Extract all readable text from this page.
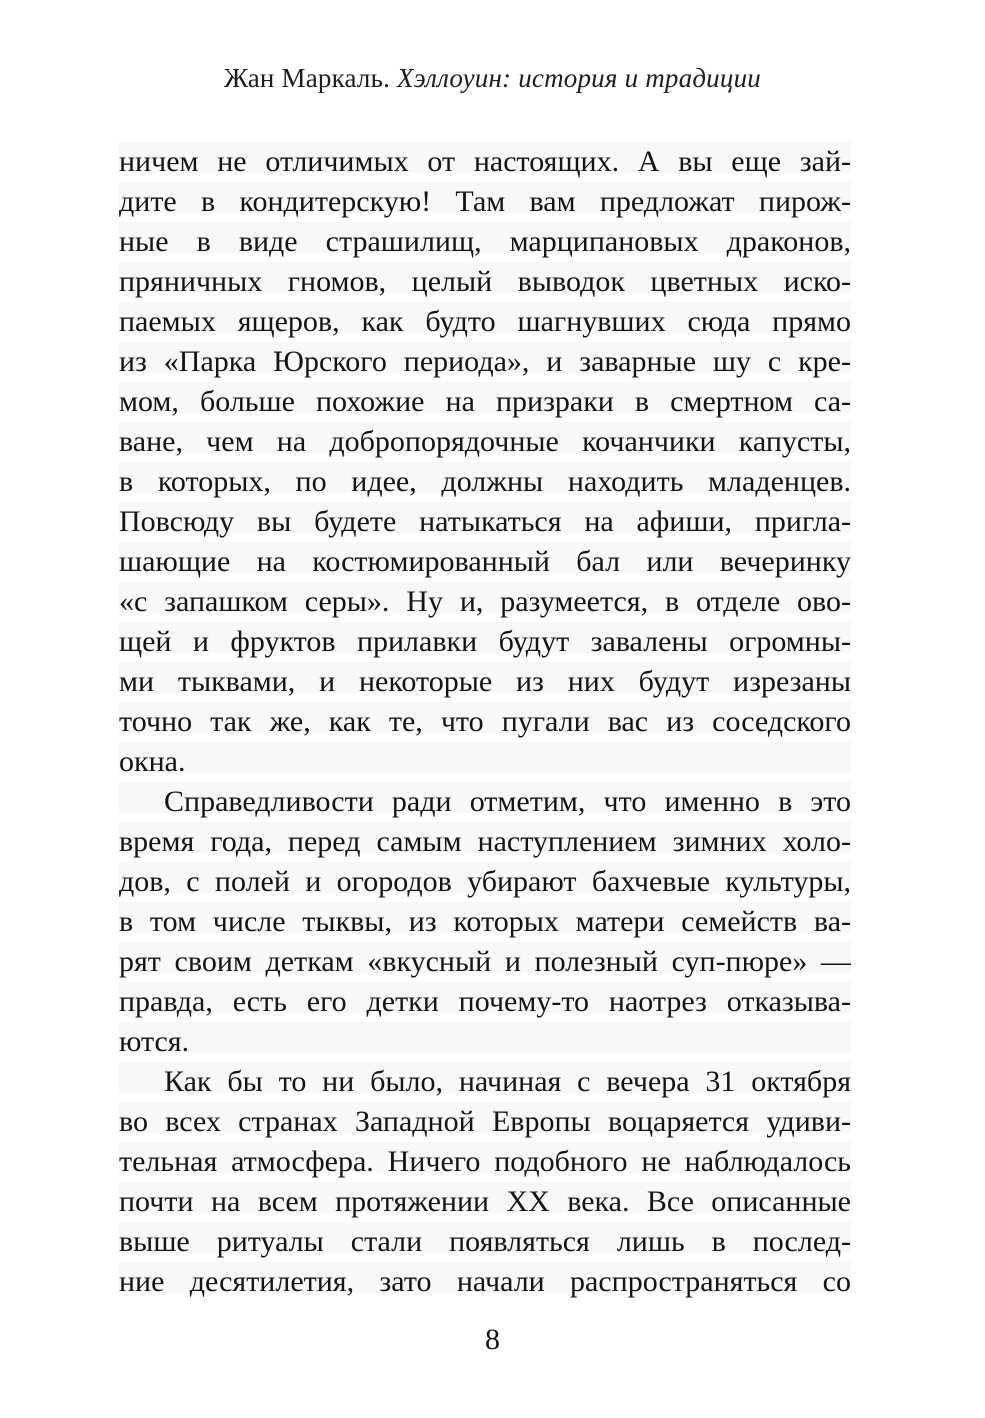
Жан Маркаль. Хэллоуин: история и традиции
ничем не отличимых от настоящих. А вы еще зай-
дите в кондитерскую! Там вам предложат пирож-
ные в виде страшилищ, марципановых драконов,
пряничных гномов, целый выводок цветных иско-
паемых ящеров, как будто шагнувших сюда прямо
из «Парка Юрского периода», и заварные шу с кре-
мом, больше похожие на призраки в смертном са-
ване, чем на добропорядочные кочанчики капусты,
в которых, по идее, должны находить младенцев.
Повсюду вы будете натыкаться на афиши, пригла-
шающие на костюмированный бал или вечеринку
«с запашком серы». Ну и, разумеется, в отделе ово-
щей и фруктов прилавки будут завалены огромны-
ми тыквами, и некоторые из них будут изрезаны
точно так же, как те, что пугали вас из соседского
окна.
Справедливости ради отметим, что именно в это
время года, перед самым наступлением зимних холо-
дов, с полей и огородов убирают бахчевые культуры,
в том числе тыквы, из которых матери семейств ва-
рят своим деткам «вкусный и полезный суп-пюре» —
правда, есть его детки почему-то наотрез отказыва-
ются.
Как бы то ни было, начиная с вечера 31 октября
во всех странах Западной Европы воцаряется удиви-
тельная атмосфера. Ничего подобного не наблюдалось
почти на всем протяжении XX века. Все описанные
выше ритуалы стали появляться лишь в послед-
ние десятилетия, зато начали распространяться со
8
